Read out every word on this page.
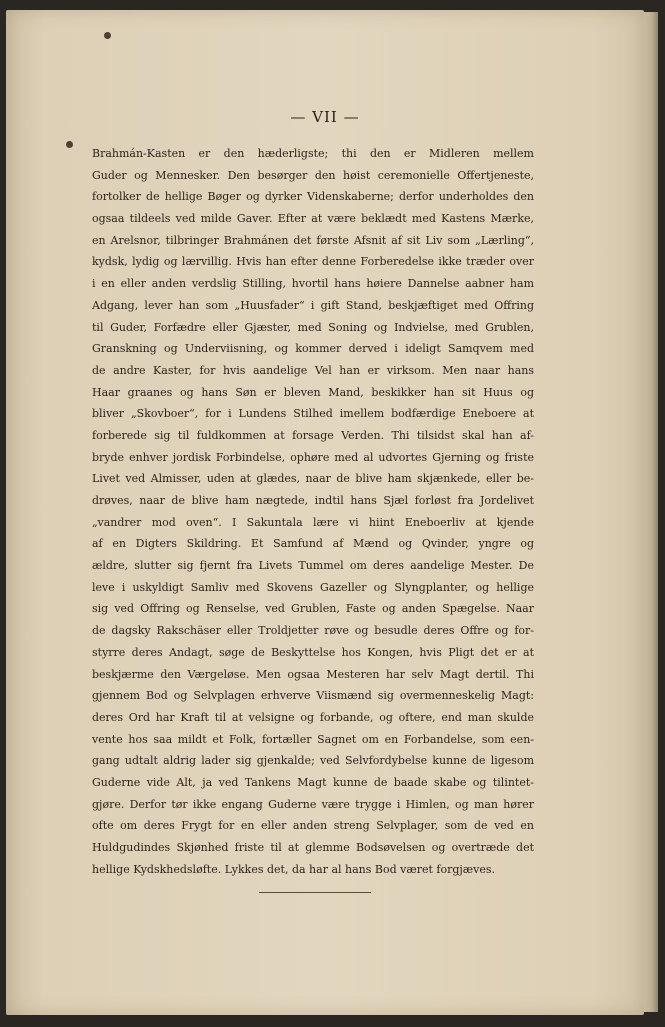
— VII —
Brahmán-Kasten er den hæderligste; thi den er Midleren mellem
Guder og Mennesker. Den besørger den høist ceremonielle Offertjeneste,
fortolker de hellige Bøger og dyrker Videnskaberne; derfor underholdes den
ogsaa tildeels ved milde Gaver. Efter at være beklædt med Kastens Mærke,
en Arelsnor, tilbringer Brahmánen det første Afsnit af sit Liv som „Lærling“,
kydsk, lydig og lærvillig. Hvis han efter denne Forberedelse ikke træder over
i en eller anden verdslig Stilling, hvortil hans høiere Dannelse aabner ham
Adgang, lever han som „Huusfader“ i gift Stand, beskjæftiget med Offring
til Guder, Forfædre eller Gjæster, med Soning og Indvielse, med Grublen,
Granskning og Underviisning, og kommer derved i ideligt Samqvem med
de andre Kaster, for hvis aandelige Vel han er virksom. Men naar hans
Haar graanes og hans Søn er bleven Mand, beskikker han sit Huus og
bliver „Skovboer“, for i Lundens Stilhed imellem bodfærdige Eneboere at
forberede sig til fuldkommen at forsage Verden. Thi tilsidst skal han af-
bryde enhver jordisk Forbindelse, ophøre med al udvortes Gjerning og friste
Livet ved Almisser, uden at glædes, naar de blive ham skjænkede, eller be-
drøves, naar de blive ham nægtede, indtil hans Sjæl forløst fra Jordelivet
„vandrer mod oven“. I Sakuntala lære vi hiint Eneboerliv at kjende
af en Digters Skildring. Et Samfund af Mænd og Qvinder, yngre og
ældre, slutter sig fjernt fra Livets Tummel om deres aandelige Mester. De
leve i uskyldigt Samliv med Skovens Gazeller og Slyngplanter, og hellige
sig ved Offring og Renselse, ved Grublen, Faste og anden Spægelse. Naar
de dagsky Rakschäser eller Troldjetter røve og besudle deres Offre og for-
styrre deres Andagt, søge de Beskyttelse hos Kongen, hvis Pligt det er at
beskjærme den Værgeløse. Men ogsaa Mesteren har selv Magt dertil. Thi
gjennem Bod og Selvplagen erhverve Viismænd sig overmenneskelig Magt:
deres Ord har Kraft til at velsigne og forbande, og oftere, end man skulde
vente hos saa mildt et Folk, fortæller Sagnet om en Forbandelse, som een-
gang udtalt aldrig lader sig gjenkalde; ved Selvfordybelse kunne de ligesom
Guderne vide Alt, ja ved Tankens Magt kunne de baade skabe og tilintet-
gjøre. Derfor tør ikke engang Guderne være trygge i Himlen, og man hører
ofte om deres Frygt for en eller anden streng Selvplager, som de ved en
Huldgudindes Skjønhed friste til at glemme Bodsøvelsen og overtræde det
hellige Kydskhedsløfte. Lykkes det, da har al hans Bod været forgjæves.
